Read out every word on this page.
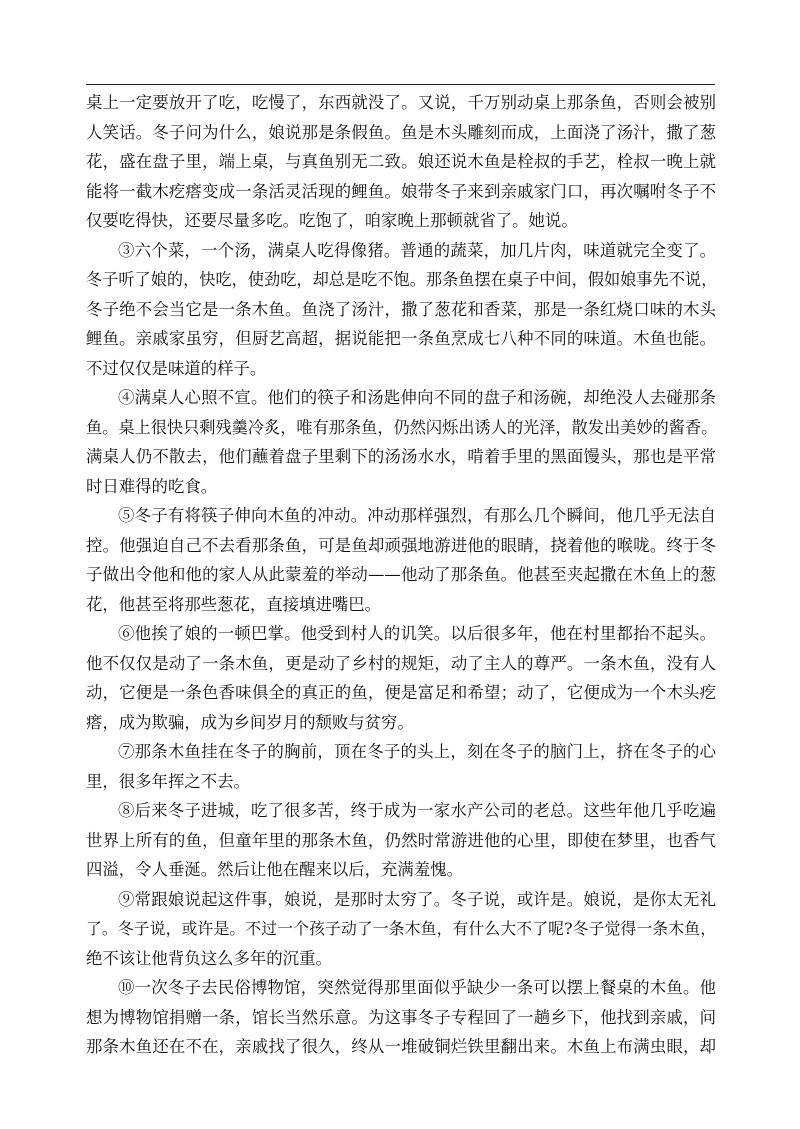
桌上一定要放开了吃，吃慢了，东西就没了。又说，千万别动桌上那条鱼，否则会被别
人笑话。冬子问为什么，娘说那是条假鱼。鱼是木头雕刻而成，上面浇了汤汁，撒了葱
花，盛在盘子里，端上桌，与真鱼别无二致。娘还说木鱼是栓叔的手艺，栓叔一晚上就
能将一截木疙瘩变成一条活灵活现的鲤鱼。娘带冬子来到亲戚家门口，再次嘱咐冬子不
仅要吃得快，还要尽量多吃。吃饱了，咱家晚上那顿就省了。她说。
③六个菜，一个汤，满桌人吃得像猪。普通的蔬菜，加几片肉，味道就完全变了。
冬子听了娘的，快吃，使劲吃，却总是吃不饱。那条鱼摆在桌子中间，假如娘事先不说，
冬子绝不会当它是一条木鱼。鱼浇了汤汁，撒了葱花和香菜，那是一条红烧口味的木头
鲤鱼。亲戚家虽穷，但厨艺高超，据说能把一条鱼烹成七八种不同的味道。木鱼也能。
不过仅仅是味道的样子。
④满桌人心照不宣。他们的筷子和汤匙伸向不同的盘子和汤碗，却绝没人去碰那条
鱼。桌上很快只剩残羹冷炙，唯有那条鱼，仍然闪烁出诱人的光泽，散发出美妙的酱香。
满桌人仍不散去，他们蘸着盘子里剩下的汤汤水水，啃着手里的黑面馒头，那也是平常
时日难得的吃食。
⑤冬子有将筷子伸向木鱼的冲动。冲动那样强烈，有那么几个瞬间，他几乎无法自
控。他强迫自己不去看那条鱼，可是鱼却顽强地游进他的眼睛，挠着他的喉咙。终于冬
子做出令他和他的家人从此蒙羞的举动——他动了那条鱼。他甚至夹起撒在木鱼上的葱
花，他甚至将那些葱花，直接填进嘴巴。
⑥他挨了娘的一顿巴掌。他受到村人的讥笑。以后很多年，他在村里都抬不起头。
他不仅仅是动了一条木鱼，更是动了乡村的规矩，动了主人的尊严。一条木鱼，没有人
动，它便是一条色香味俱全的真正的鱼，便是富足和希望；动了，它便成为一个木头疙
瘩，成为欺骗，成为乡间岁月的颓败与贫穷。
⑦那条木鱼挂在冬子的胸前，顶在冬子的头上，刻在冬子的脑门上，挤在冬子的心
里，很多年挥之不去。
⑧后来冬子进城，吃了很多苦，终于成为一家水产公司的老总。这些年他几乎吃遍
世界上所有的鱼，但童年里的那条木鱼，仍然时常游进他的心里，即使在梦里，也香气
四溢，令人垂涎。然后让他在醒来以后，充满羞愧。
⑨常跟娘说起这件事，娘说，是那时太穷了。冬子说，或许是。娘说，是你太无礼
了。冬子说，或许是。不过一个孩子动了一条木鱼，有什么大不了呢?冬子觉得一条木鱼，
绝不该让他背负这么多年的沉重。
⑩一次冬子去民俗博物馆，突然觉得那里面似乎缺少一条可以摆上餐桌的木鱼。他
想为博物馆捐赠一条，馆长当然乐意。为这事冬子专程回了一趟乡下，他找到亲戚，问
那条木鱼还在不在，亲戚找了很久，终从一堆破铜烂铁里翻出来。木鱼上布满虫眼，却
